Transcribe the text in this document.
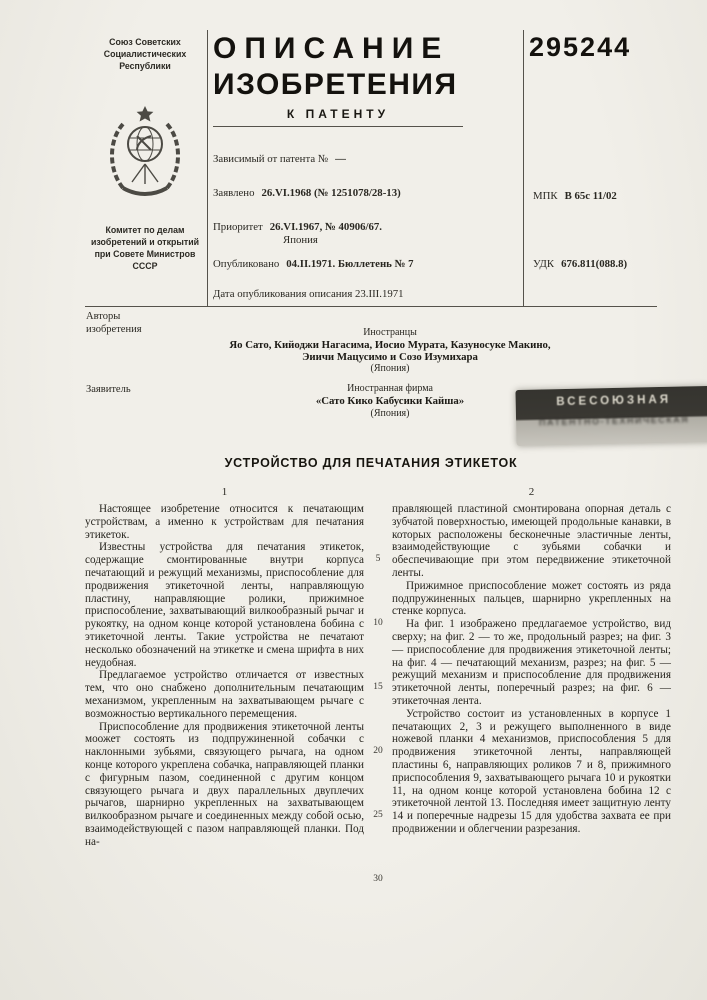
Союз Советских
Социалистических
Республики
Комитет по делам
изобретений и открытий
при Совете Министров
СССР
ОПИСАНИЕ
ИЗОБРЕТЕНИЯ
К ПАТЕНТУ
295244
Зависимый от патента № —
Заявлено 26.VI.1968 (№ 1251078/28-13)	МПК В 65с 11/02
Приоритет 26.VI.1967, № 40906/67.
Япония
Опубликовано 04.II.1971. Бюллетень № 7	УДК 676.811(088.8)
Дата опубликования описания 23.III.1971
Авторы
изобретения	Иностранцы
Яо Сато, Кийоджи Нагасима, Иосио Мурата, Казуносуке Макино,
Эиичи Мацусимо и Созо Изумихара
(Япония)
Заявитель	Иностранная фирма
«Сато Кико Кабусики Кайша»
(Япония)
ВСЕСОЮЗНАЯ
ПАТЕНТНО-ТЕХНИЧЕСКАЯ
УСТРОЙСТВО ДЛЯ ПЕЧАТАНИЯ ЭТИКЕТОК
1	2

Настоящее изобретение относится к печатающим устройствам, а именно к устройствам для печатания этикеток.

Известны устройства для печатания этикеток, содержащие смонтированные внутри корпуса печатающий и режущий механизмы, приспособление для продвижения этикеточной ленты, направляющую пластину, направляющие ролики, прижимное приспособление, захватывающий вилкообразный рычаг и рукоятку, на одном конце которой установлена бобина с этикеточной ленты. Такие устройства не печатают несколько обозначений на этикетке и смена шрифта в них неудобная.

Предлагаемое устройство отличается от известных тем, что оно снабжено дополнительным печатающим механизмом, укрепленным на захватывающем рычаге с возможностью вертикального перемещения.

Приспособление для продвижения этикеточной ленты моожет состоять из подпружиненной собачки с наклонными зубьями, связующего рычага, на одном конце которого укреплена собачка, направляющей планки с фигурным пазом, соединенной с другим концом связующего рычага и двух параллельных двуплечих рычагов, шарнирно укрепленных на захватывающем вилкообразном рычаге и соединенных между собой осью, взаимодействующей с пазом направляющей планки. Под на-

правляющей пластиной смонтирована опорная деталь с зубчатой поверхностью, имеющей продольные канавки, в которых расположены бесконечные эластичные ленты, взаимодействующие с зубьями собачки и обеспечивающие при этом передвижение этикеточной ленты.

Прижимное приспособление может состоять из ряда подпружиненных пальцев, шарнирно укрепленных на стенке корпуса.

На фиг. 1 изображено предлагаемое устройство, вид сверху; на фиг. 2 — то же, продольный разрез; на фиг. 3 — приспособление для продвижения этикеточной ленты; на фиг. 4 — печатающий механизм, разрез; на фиг. 5 — режущий механизм и приспособление для продвижения этикеточной ленты, поперечный разрез; на фиг. 6 — этикеточная лента.

Устройство состоит из установленных в корпусе 1 печатающих 2, 3 и режущего выполненного в виде ножевой планки 4 механизмов, приспособления 5 для продвижения этикеточной ленты, направляющей пластины 6, направляющих роликов 7 и 8, прижимного приспособления 9, захватывающего рычага 10 и рукоятки 11, на одном конце которой установлена бобина 12 с этикеточной лентой 13. Последняя имеет защитную ленту 14 и поперечные надрезы 15 для удобства захвата ее при продвижении и облегчении разрезания.

5
10
15
20
25
30
